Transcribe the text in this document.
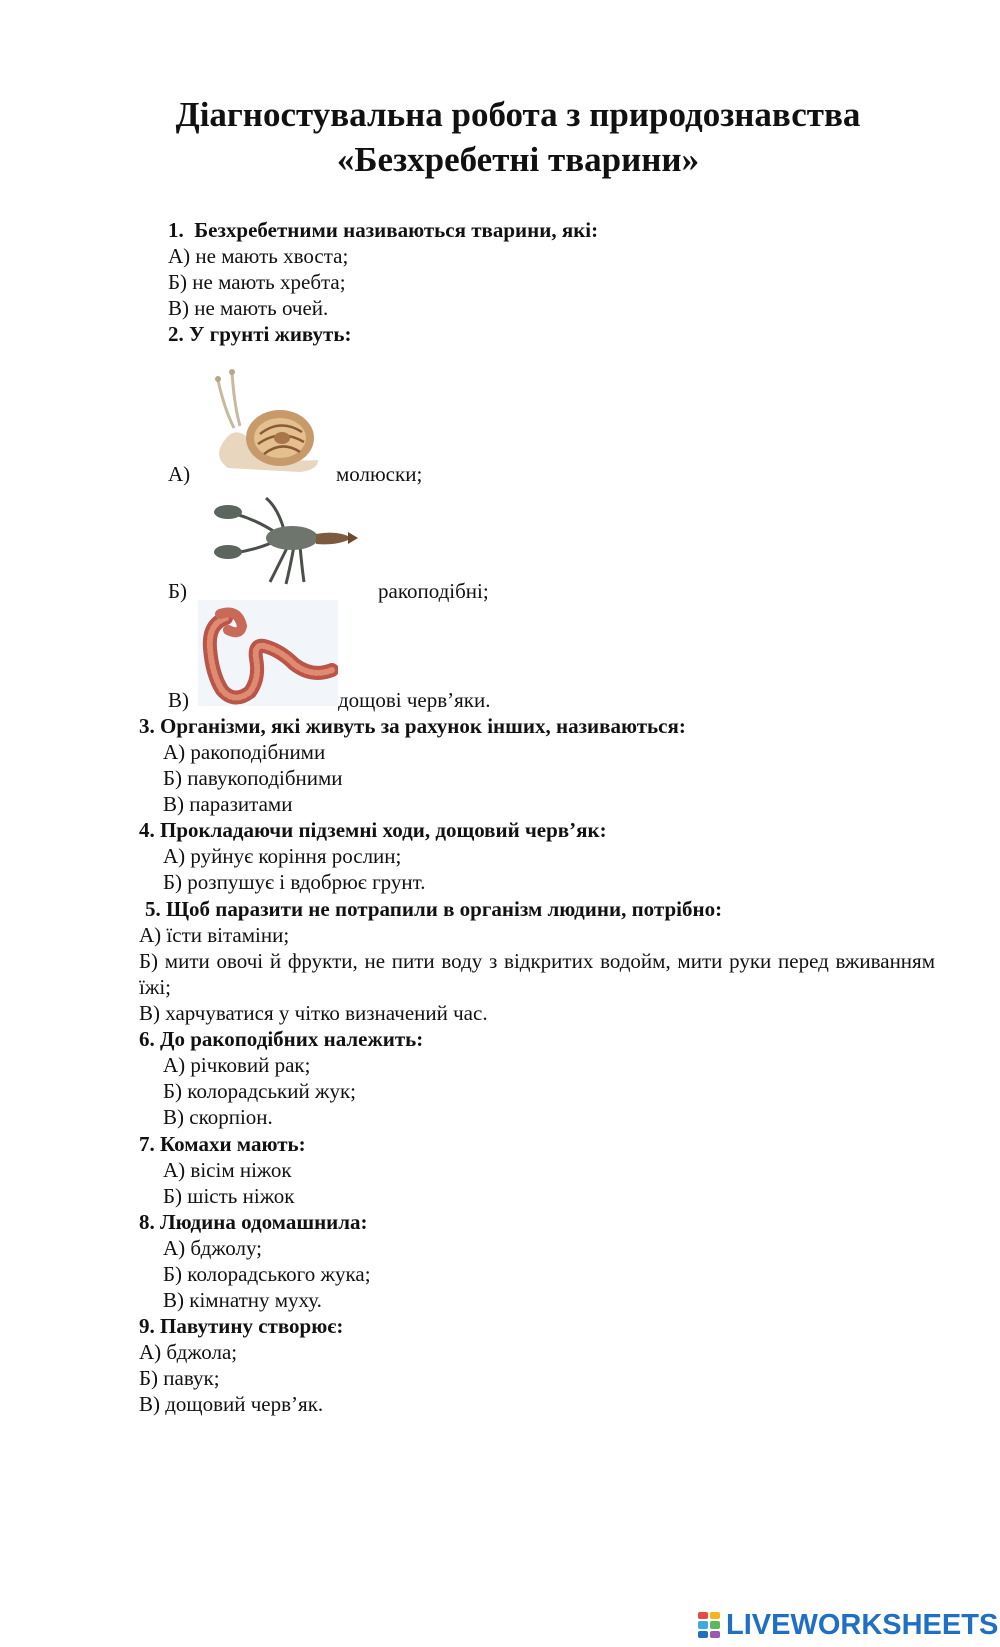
Діагностувальна робота з природознавства
«Безхребетні тварини»
1. Безхребетними називаються тварини, які:
А) не мають хвоста;
Б) не мають хребта;
В) не мають очей.
2. У грунті живуть:
А)	молюски;
Б)	ракоподібні;
В)	дощові черв’яки.
3. Організми, які живуть за рахунок інших, називаються:
А) ракоподібними
Б) павукоподібними
В) паразитами
4. Прокладаючи підземні ходи, дощовий черв’як:
А) руйнує коріння рослин;
Б) розпушує і вдобрює грунт.
5. Щоб паразити не потрапили в організм людини, потрібно:
А) їсти вітаміни;
Б) мити овочі й фрукти, не пити воду з відкритих водойм, мити руки перед вживанням їжі;
В) харчуватися у чітко визначений час.
6. До ракоподібних належить:
А) річковий рак;
Б) колорадський жук;
В) скорпіон.
7. Комахи мають:
А) вісім ніжок
Б) шість ніжок
8. Людина одомашнила:
А) бджолу;
Б) колорадського жука;
В) кімнатну муху.
9. Павутину створює:
А) бджола;
Б) павук;
В) дощовий черв’як.
LIVEWORKSHEETS
